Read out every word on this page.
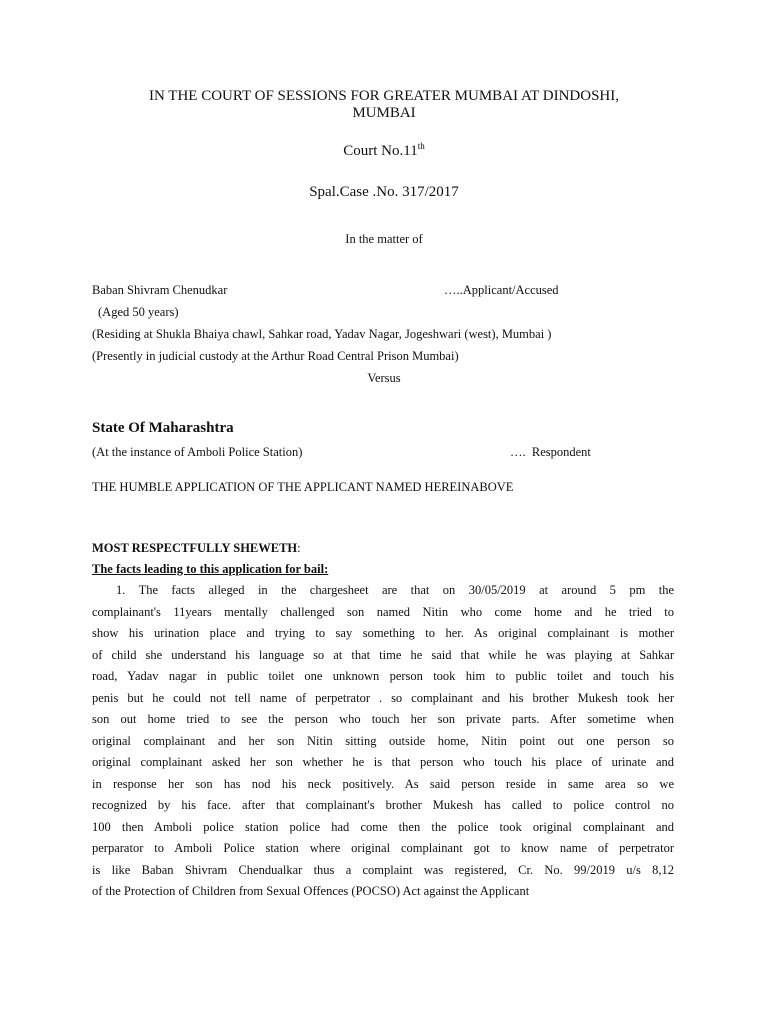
IN THE COURT OF SESSIONS FOR GREATER MUMBAI AT DINDOSHI,
MUMBAI
Court No.11th
Spal.Case .No. 317/2017
In the matter of
Baban Shivram Chenudkar	…..Applicant/Accused
(Aged 50 years)
(Residing at Shukla Bhaiya chawl, Sahkar road, Yadav Nagar, Jogeshwari (west), Mumbai )
(Presently in judicial custody at the Arthur Road Central Prison Mumbai)
Versus
State Of Maharashtra
(At the instance of Amboli Police Station)	…. Respondent
THE HUMBLE APPLICATION OF THE APPLICANT NAMED HEREINABOVE
MOST RESPECTFULLY SHEWETH:
The facts leading to this application for bail:
1. The facts alleged in the chargesheet are that on 30/05/2019 at around 5 pm the
complainant's 11years mentally challenged son named Nitin who come home and he tried to
show his urination place and trying to say something to her. As original complainant is mother
of child she understand his language so at that time he said that while he was playing at Sahkar
road, Yadav nagar in public toilet one unknown person took him to public toilet and touch his
penis but he could not tell name of perpetrator . so complainant and his brother Mukesh took her
son out home tried to see the person who touch her son private parts. After sometime when
original complainant and her son Nitin sitting outside home, Nitin point out one person so
original complainant asked her son whether he is that person who touch his place of urinate and
in response her son has nod his neck positively. As said person reside in same area so we
recognized by his face. after that complainant's brother Mukesh has called to police control no
100 then Amboli police station police had come then the police took original complainant and
perparator to Amboli Police station where original complainant got to know name of perpetrator
is like Baban Shivram Chendualkar thus a complaint was registered, Cr. No. 99/2019 u/s 8,12
of the Protection of Children from Sexual Offences (POCSO) Act against the Applicant
